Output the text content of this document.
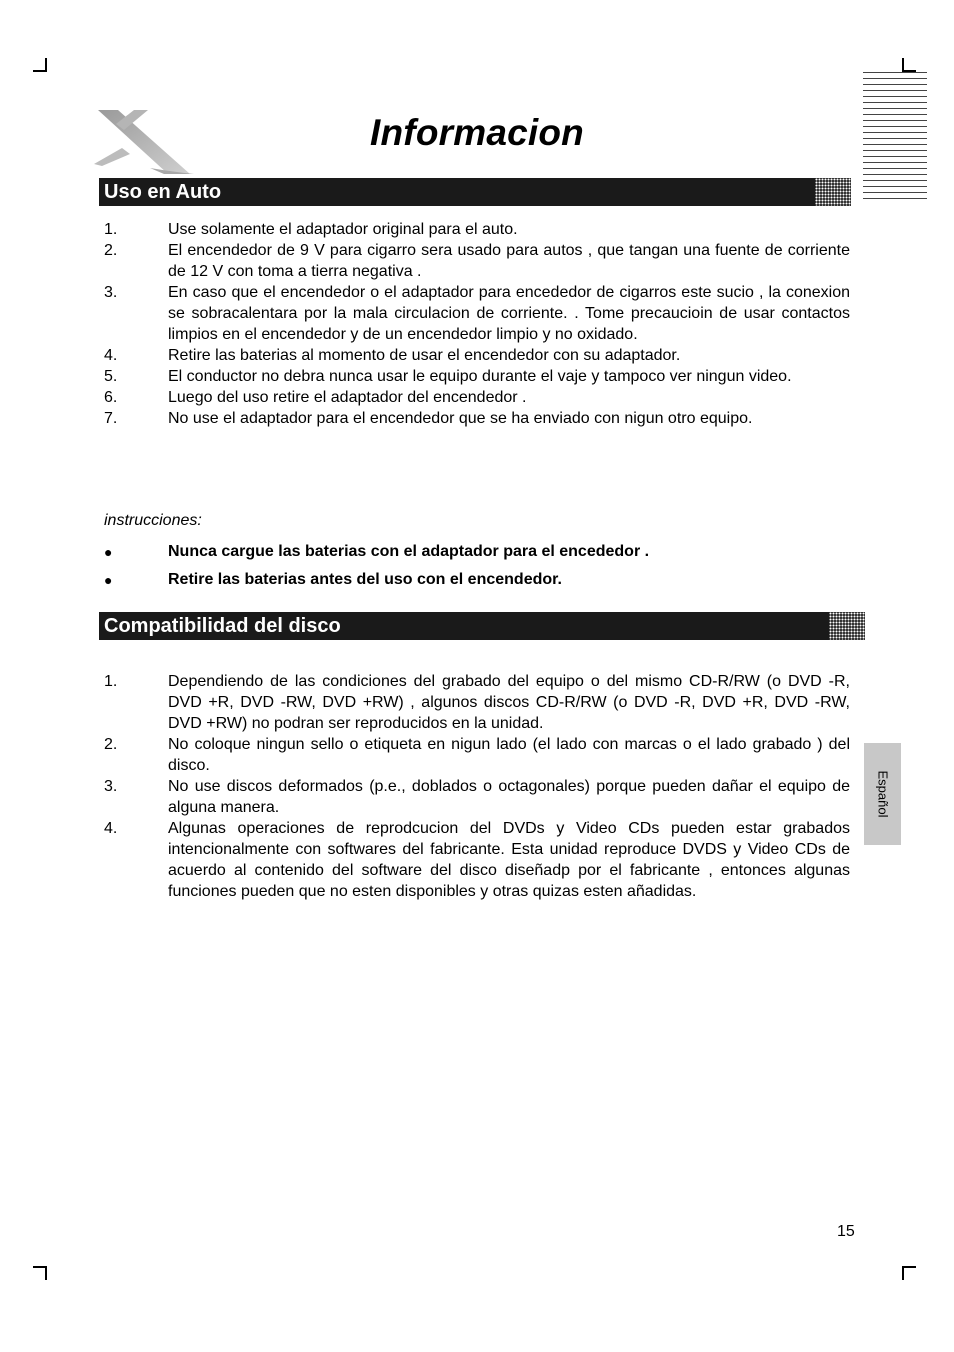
Informacion
Uso en Auto
1.	Use solamente el adaptador original para el auto.
2.	El encendedor de 9 V para cigarro sera usado para autos , que tangan una fuente de corriente de 12 V con toma a tierra negativa .
3.	En caso que el encendedor o el adaptador para encededor de cigarros este sucio , la conexion se sobracalentara por la mala circulacion de corriente. . Tome precaucioin de usar contactos limpios en el encendedor y de un encendedor limpio y no oxidado.
4.	Retire las baterias al momento de usar el encendedor con su adaptador.
5.	El conductor no debra nunca usar le equipo durante el vaje y tampoco ver ningun video.
6.	Luego del uso retire el adaptador del encendedor .
7.	No use el adaptador para el encendedor que se ha enviado con nigun otro equipo.
instrucciones:
●	Nunca cargue las baterias con el adaptador para el encededor .
●	Retire las baterias antes del uso con el encendedor.
Compatibilidad del disco
1.	Dependiendo de las condiciones del grabado del equipo o del mismo CD-R/RW (o DVD -R, DVD +R, DVD -RW, DVD +RW) , algunos discos CD-R/RW (o DVD -R, DVD +R, DVD -RW, DVD +RW) no podran ser reproducidos en la unidad.
2.	No coloque ningun sello o etiqueta en nigun lado (el lado con marcas o el lado grabado ) del disco.
3.	No use discos deformados (p.e., doblados o octagonales) porque pueden dañar el equipo de alguna manera.
4.	Algunas operaciones de reprodcucion del DVDs y Video CDs pueden estar grabados intencionalmente con softwares del fabricante. Esta unidad reproduce DVDS y Video CDs de acuerdo al contenido del software del disco diseñadp por el fabricante , entonces algunas funciones pueden que no esten disponibles y otras quizas esten añadidas.
Español
15
